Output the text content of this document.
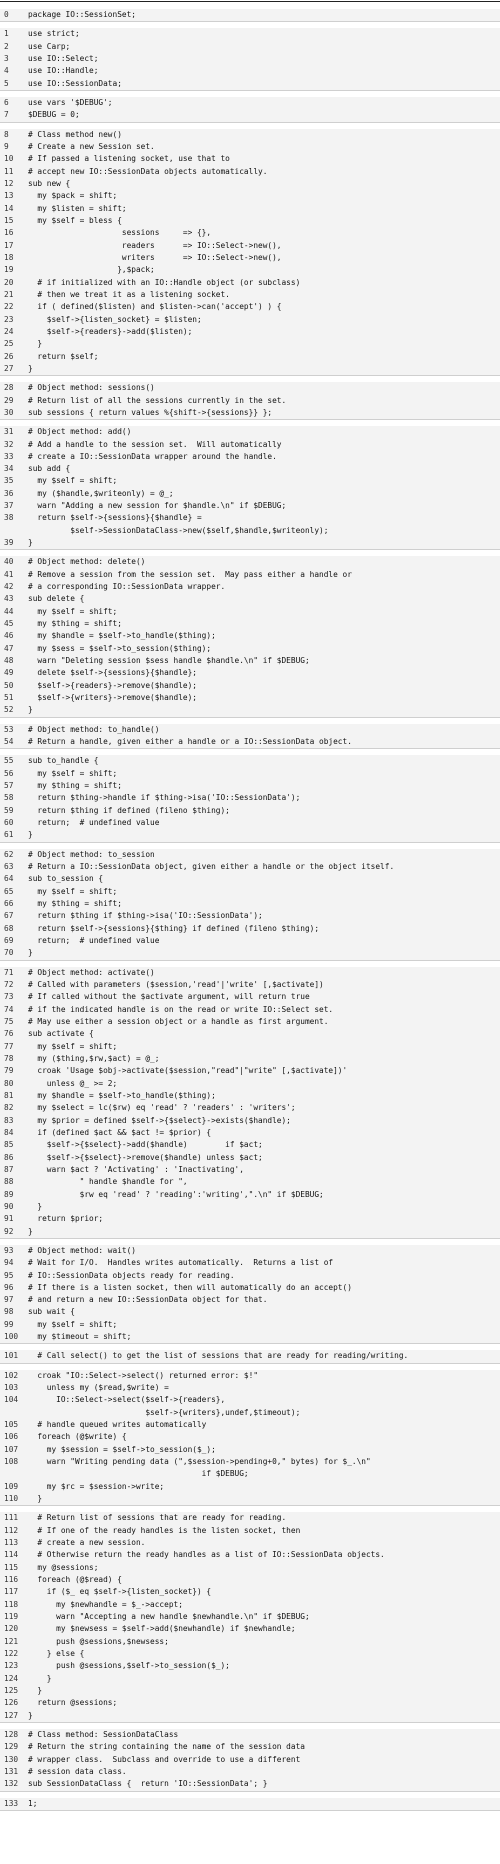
0	package IO::SessionSet;
1	use strict;
2	use Carp;
3	use IO::Select;
4	use IO::Handle;
5	use IO::SessionData;
6	use vars '$DEBUG';
7	$DEBUG = 0;
8	# Class method new()
9	# Create a new Session set.
10	# If passed a listening socket, use that to
11	# accept new IO::SessionData objects automatically.
12	sub new {
13	my $pack = shift;
14	my $listen = shift;
15	my $self = bless {
16	sessions     => {},
17	readers      => IO::Select->new(),
18	writers      => IO::Select->new(),
19	},$pack;
20	# if initialized with an IO::Handle object (or subclass)
21	# then we treat it as a listening socket.
22	if ( defined($listen) and $listen->can('accept') ) {
23	$self->{listen_socket} = $listen;
24	$self->{readers}->add($listen);
25	}
26	return $self;
27	}
28	# Object method: sessions()
29	# Return list of all the sessions currently in the set.
30	sub sessions { return values %{shift->{sessions}} };
31	# Object method: add()
32	# Add a handle to the session set.  Will automatically
33	# create a IO::SessionData wrapper around the handle.
34	sub add {
35	my $self = shift;
36	my ($handle,$writeonly) = @_;
37	warn "Adding a new session for $handle.\n" if $DEBUG;
38	return $self->{sessions}{$handle} =
$self->SessionDataClass->new($self,$handle,$writeonly);
39	}
40	# Object method: delete()
41	# Remove a session from the session set.  May pass either a handle or
42	# a corresponding IO::SessionData wrapper.
43	sub delete {
44	my $self = shift;
45	my $thing = shift;
46	my $handle = $self->to_handle($thing);
47	my $sess = $self->to_session($thing);
48	warn "Deleting session $sess handle $handle.\n" if $DEBUG;
49	delete $self->{sessions}{$handle};
50	$self->{readers}->remove($handle);
51	$self->{writers}->remove($handle);
52	}
53	# Object method: to_handle()
54	# Return a handle, given either a handle or a IO::SessionData object.
55	sub to_handle {
56	my $self = shift;
57	my $thing = shift;
58	return $thing->handle if $thing->isa('IO::SessionData');
59	return $thing if defined (fileno $thing);
60	return;  # undefined value
61	}
62	# Object method: to_session
63	# Return a IO::SessionData object, given either a handle or the object itself.
64	sub to_session {
65	my $self = shift;
66	my $thing = shift;
67	return $thing if $thing->isa('IO::SessionData');
68	return $self->{sessions}{$thing} if defined (fileno $thing);
69	return;  # undefined value
70	}
71	# Object method: activate()
72	# Called with parameters ($session,'read'|'write' [,$activate])
73	# If called without the $activate argument, will return true
74	# if the indicated handle is on the read or write IO::Select set.
75	# May use either a session object or a handle as first argument.
76	sub activate {
77	my $self = shift;
78	my ($thing,$rw,$act) = @_;
79	croak 'Usage $obj->activate($session,"read"|"write" [,$activate])'
80	unless @_ >= 2;
81	my $handle = $self->to_handle($thing);
82	my $select = lc($rw) eq 'read' ? 'readers' : 'writers';
83	my $prior = defined $self->{$select}->exists($handle);
84	if (defined $act && $act != $prior) {
85	$self->{$select}->add($handle)        if $act;
86	$self->{$select}->remove($handle) unless $act;
87	warn $act ? 'Activating' : 'Inactivating',
88	" handle $handle for ",
89	$rw eq 'read' ? 'reading':'writing',".\n" if $DEBUG;
90	}
91	return $prior;
92	}
93	# Object method: wait()
94	# Wait for I/O.  Handles writes automatically.  Returns a list of
95	# IO::SessionData objects ready for reading.
96	# If there is a listen socket, then will automatically do an accept()
97	# and return a new IO::SessionData object for that.
98	sub wait {
99	my $self = shift;
100	my $timeout = shift;
101	# Call select() to get the list of sessions that are ready for reading/writing.
102	croak "IO::Select->select() returned error: $!"
103	unless my ($read,$write) =
104	IO::Select->select($self->{readers},
$self->{writers},undef,$timeout);
105	# handle queued writes automatically
106	foreach (@$write) {
107	my $session = $self->to_session($_);
108	warn "Writing pending data (",$session->pending+0," bytes) for $_.\n"
if $DEBUG;
109	my $rc = $session->write;
110	}
111	# Return list of sessions that are ready for reading.
112	# If one of the ready handles is the listen socket, then
113	# create a new session.
114	# Otherwise return the ready handles as a list of IO::SessionData objects.
115	my @sessions;
116	foreach (@$read) {
117	if ($_ eq $self->{listen_socket}) {
118	my $newhandle = $_->accept;
119	warn "Accepting a new handle $newhandle.\n" if $DEBUG;
120	my $newsess = $self->add($newhandle) if $newhandle;
121	push @sessions,$newsess;
122	} else {
123	push @sessions,$self->to_session($_);
124	}
125	}
126	return @sessions;
127	}
128	# Class method: SessionDataClass
129	# Return the string containing the name of the session data
130	# wrapper class.  Subclass and override to use a different
131	# session data class.
132	sub SessionDataClass {  return 'IO::SessionData'; }
133	1;
